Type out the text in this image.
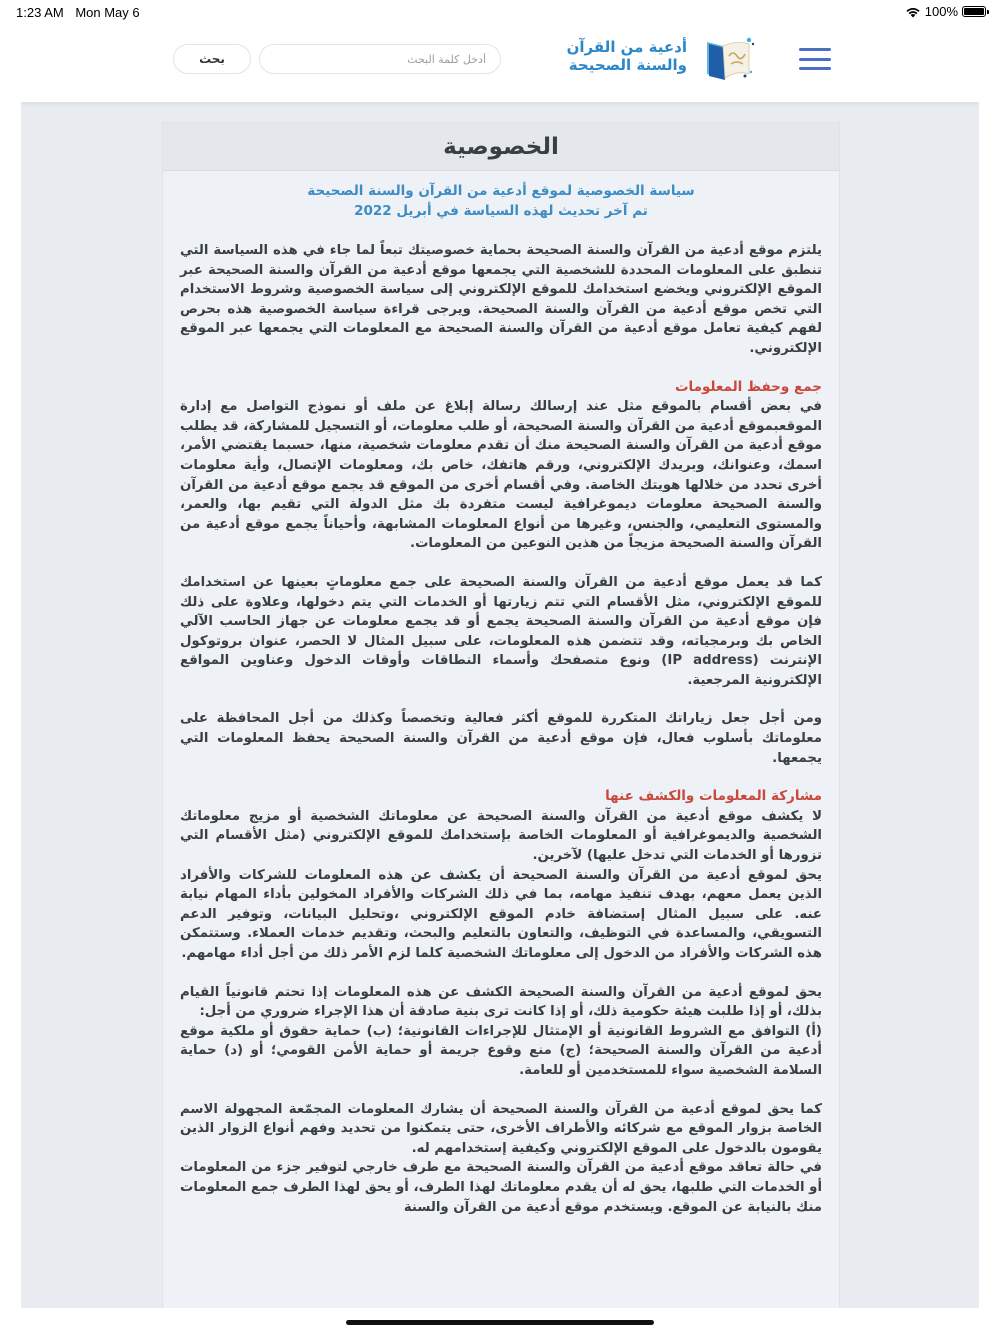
1:23 AM Mon May 6	100%
أدعية من القرآن
والسنة الصحيحة
أدخل كلمة البحث
بحث
الخصوصية
سياسة الخصوصية لموقع أدعية من القرآن والسنة الصحيحة
تم آخر تحديث لهذه السياسة في أبريل 2022

يلتزم موقع أدعية من القرآن والسنة الصحيحة بحماية خصوصيتك تبعاً لما جاء في هذه السياسة التي تنطبق على المعلومات المحددة للشخصية التي يجمعها موقع أدعية من القرآن والسنة الصحيحة عبر الموقع الإلكتروني ويخضع استخدامك للموقع الإلكتروني إلى سياسة الخصوصية وشروط الاستخدام التي تخص موقع أدعية من القرآن والسنة الصحيحة. ويرجى قراءة سياسة الخصوصية هذه بحرص لفهم كيفية تعامل موقع أدعية من القرآن والسنة الصحيحة مع المعلومات التي يجمعها عبر الموقع الإلكتروني.

جمع وحفظ المعلومات

في بعض أقسام بالموقع مثل عند إرسالك رسالة إبلاغ عن ملف أو نموذج التواصل مع إدارة الموقعبموقع أدعية من القرآن والسنة الصحيحة، أو طلب معلومات، أو التسجيل للمشاركة، قد يطلب موقع أدعية من القرآن والسنة الصحيحة منك أن تقدم معلومات شخصية، منها، حسبما يقتضي الأمر، اسمك، وعنوانك، وبريدك الإلكتروني، ورقم هاتفك، خاص بك، ومعلومات الإتصال، وأية معلومات أخرى تحدد من خلالها هويتك الخاصة. وفي أقسام أخرى من الموقع قد يجمع موقع أدعية من القرآن والسنة الصحيحة معلومات ديموغرافية ليست متفردة بك مثل الدولة التي تقيم بها، والعمر، والمستوى التعليمي، والجنس، وغيرها من أنواع المعلومات المشابهة، وأحياناً يجمع موقع أدعية من القرآن والسنة الصحيحة مزيجاً من هذين النوعين من المعلومات.

كما قد يعمل موقع أدعية من القرآن والسنة الصحيحة على جمع معلوماتٍ بعينها عن استخدامك للموقع الإلكتروني، مثل الأقسام التي تتم زيارتها أو الخدمات التي يتم دخولها، وعلاوة على ذلك فإن موقع أدعية من القرآن والسنة الصحيحة يجمع أو قد يجمع معلومات عن جهاز الحاسب الآلي الخاص بك وبرمجياته، وقد تتضمن هذه المعلومات، على سبيل المثال لا الحصر، عنوان بروتوكول الإنترنت (IP address) ونوع متصفحك وأسماء النطاقات وأوقات الدخول وعناوين المواقع الإلكترونية المرجعية.

ومن أجل جعل زياراتك المتكررة للموقع أكثر فعالية وتخصصاً وكذلك من أجل المحافظة على معلوماتك بأسلوب فعال، فإن موقع أدعية من القرآن والسنة الصحيحة يحفظ المعلومات التي يجمعها.

مشاركة المعلومات والكشف عنها

لا يكشف موقع أدعية من القرآن والسنة الصحيحة عن معلوماتك الشخصية أو مزيج معلوماتك الشخصية والديموغرافية أو المعلومات الخاصة بإستخدامك للموقع الإلكتروني (مثل الأقسام التي تزورها أو الخدمات التي تدخل عليها) لآخرين.

يحق لموقع أدعية من القرآن والسنة الصحيحة أن يكشف عن هذه المعلومات للشركات والأفراد الذين يعمل معهم، بهدف تنفيذ مهامه، بما في ذلك الشركات والأفراد المخولين بأداء المهام نيابة عنه. على سبيل المثال إستضافة خادم الموقع الإلكتروني ،وتحليل البيانات، وتوفير الدعم التسويقي، والمساعدة في التوظيف، والتعاون بالتعليم والبحث، وتقديم خدمات العملاء. وستتمكن هذه الشركات والأفراد من الدخول إلى معلوماتك الشخصية كلما لزم الأمر ذلك من أجل أداء مهامهم.

يحق لموقع أدعية من القرآن والسنة الصحيحة الكشف عن هذه المعلومات إذا تحتم قانونياً القيام بذلك، أو إذا طلبت هيئة حكومية ذلك، أو إذا كانت ترى بنية صادقة أن هذا الإجراء ضروري من أجل:

(أ) التوافق مع الشروط القانونية أو الإمتثال للإجراءات القانونية؛ (ب) حماية حقوق أو ملكية موقع أدعية من القرآن والسنة الصحيحة؛ (ج) منع وقوع جريمة أو حماية الأمن القومي؛ أو (د) حماية السلامة الشخصية سواء للمستخدمين أو للعامة.

كما يحق لموقع أدعية من القرآن والسنة الصحيحة أن يشارك المعلومات المجمّعة المجهولة الاسم الخاصة بزوار الموقع مع شركائه والأطراف الأخرى، حتى يتمكنوا من تحديد وفهم أنواع الزوار الذين يقومون بالدخول على الموقع الإلكتروني وكيفية إستخدامهم له.

في حالة تعاقد موقع أدعية من القرآن والسنة الصحيحة مع طرف خارجي لتوفير جزء من المعلومات أو الخدمات التي طلبها، يحق له أن يقدم معلوماتك لهذا الطرف، أو يحق لهذا الطرف جمع المعلومات منك بالنيابة عن الموقع. ويستخدم موقع أدعية من القرآن والسنة
